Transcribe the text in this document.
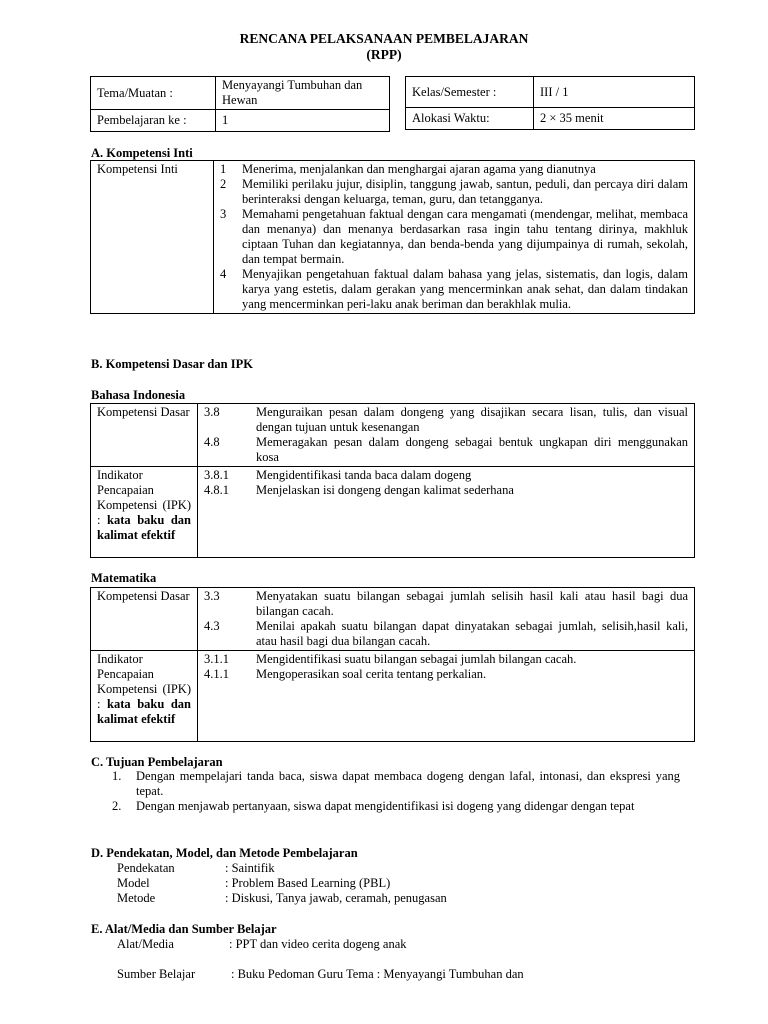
RENCANA PELAKSANAAN PEMBELAJARAN
(RPP)
Tema/Muatan :	Menyayangi Tumbuhan dan Hewan
Pembelajaran ke :	1
Kelas/Semester :	III / 1
Alokasi Waktu:	2 × 35 menit
A. Kompetensi Inti
Kompetensi Inti	1	Menerima, menjalankan dan menghargai ajaran agama yang dianutnya
2	Memiliki perilaku jujur, disiplin, tanggung jawab, santun, peduli, dan percaya diri dalam berinteraksi dengan keluarga, teman, guru, dan tetangganya.
3	Memahami pengetahuan faktual dengan cara mengamati (mendengar, melihat, membaca dan menanya) dan menanya berdasarkan rasa ingin tahu tentang dirinya, makhluk ciptaan Tuhan dan kegiatannya, dan benda-benda yang dijumpainya di rumah, sekolah, dan tempat bermain.
4	Menyajikan pengetahuan faktual dalam bahasa yang jelas, sistematis, dan logis, dalam karya yang estetis, dalam gerakan yang mencerminkan anak sehat, dan dalam tindakan yang mencerminkan peri-laku anak beriman dan berakhlak mulia.
B. Kompetensi Dasar dan IPK
Bahasa Indonesia
Kompetensi Dasar	3.8 Menguraikan pesan dalam dongeng yang disajikan secara lisan, tulis, dan visual dengan tujuan untuk kesenangan
4.8 Memeragakan pesan dalam dongeng sebagai bentuk ungkapan diri menggunakan kosa

Indikator Pencapaian Kompetensi (IPK) : kata baku dan kalimat efektif	3.8.1 Mengidentifikasi tanda baca dalam dogeng
4.8.1 Menjelaskan isi dongeng dengan kalimat sederhana
Matematika
Kompetensi Dasar	3.3 Menyatakan suatu bilangan sebagai jumlah selisih hasil kali atau hasil bagi dua bilangan cacah.
4.3 Menilai apakah suatu bilangan dapat dinyatakan sebagai jumlah, selisih,hasil kali, atau hasil bagi dua bilangan cacah.

Indikator Pencapaian Kompetensi (IPK) : kata baku dan kalimat efektif	3.1.1 Mengidentifikasi suatu bilangan sebagai jumlah bilangan cacah.
4.1.1 Mengoperasikan soal cerita tentang perkalian.
C. Tujuan Pembelajaran
1.	Dengan mempelajari tanda baca, siswa dapat membaca dogeng dengan lafal, intonasi, dan ekspresi yang tepat.
2.	Dengan menjawab pertanyaan, siswa dapat mengidentifikasi isi dogeng yang didengar dengan tepat
D. Pendekatan, Model, dan Metode Pembelajaran
Pendekatan	: Saintifik
Model	: Problem Based Learning (PBL)
Metode	: Diskusi, Tanya jawab, ceramah, penugasan
E. Alat/Media dan Sumber Belajar
Alat/Media	: PPT dan video cerita dogeng anak
Sumber Belajar	: Buku Pedoman Guru Tema : Menyayangi Tumbuhan dan
